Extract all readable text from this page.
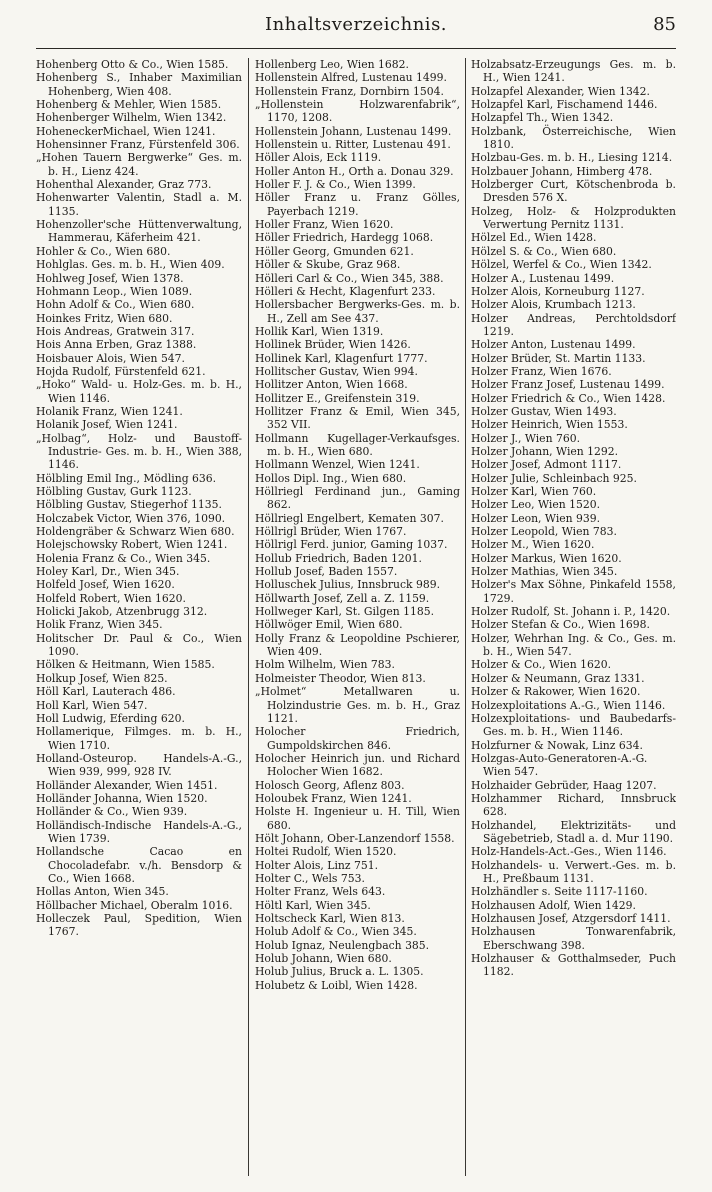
Inhaltsverzeichnis.	85

Hohenberg Otto & Co., Wien 1585.

Hohenberg S., Inhaber Maximilian Hohenberg, Wien 408.

Hohenberg & Mehler, Wien 1585.

Hohenberger Wilhelm, Wien 1342.

HoheneckerMichael, Wien 1241.

Hohensinner Franz, Fürstenfeld 306.

„Hohen Tauern Bergwerke“ Ges. m. b. H., Lienz 424.

Hohenthal Alexander, Graz 773.

Hohenwarter Valentin, Stadl a. M. 1135.

Hohenzoller'sche Hüttenverwaltung, Hammerau, Käferheim 421.

Hohler & Co., Wien 680.

Hohlglas. Ges. m. b. H., Wien 409.

Hohlweg Josef, Wien 1378.

Hohmann Leop., Wien 1089.

Hohn Adolf & Co., Wien 680.

Hoinkes Fritz, Wien 680.

Hois Andreas, Gratwein 317.

Hois Anna Erben, Graz 1388.

Hoisbauer Alois, Wien 547.

Hojda Rudolf, Fürstenfeld 621.

„Hoko“ Wald- u. Holz-Ges. m. b. H., Wien 1146.

Holanik Franz, Wien 1241.

Holanik Josef, Wien 1241.

„Holbag“, Holz- und Baustoff-Industrie- Ges. m. b. H., Wien 388, 1146.

Hölbling Emil Ing., Mödling 636.

Hölbling Gustav, Gurk 1123.

Hölbling Gustav, Stiegerhof 1135.

Holczabek Victor, Wien 376, 1090.

Holdengräber & Schwarz Wien 680.

Holejschowsky Robert, Wien 1241.

Holenia Franz & Co., Wien 345.

Holey Karl, Dr., Wien 345.

Holfeld Josef, Wien 1620.

Holfeld Robert, Wien 1620.

Holicki Jakob, Atzenbrugg 312.

Holik Franz, Wien 345.

Holitscher Dr. Paul & Co., Wien 1090.

Hölken & Heitmann, Wien 1585.

Holkup Josef, Wien 825.

Höll Karl, Lauterach 486.

Holl Karl, Wien 547.

Holl Ludwig, Eferding 620.

Hollamerique, Filmges. m. b. H., Wien 1710.

Holland-Osteurop. Handels-A.-G., Wien 939, 999, 928 IV.

Holländer Alexander, Wien 1451.

Holländer Johanna, Wien 1520.

Holländer & Co., Wien 939.

Holländisch-Indische Handels-A.-G., Wien 1739.

Hollandsche Cacao en Chocoladefabr. v./h. Bensdorp & Co., Wien 1668.

Hollas Anton, Wien 345.

Höllbacher Michael, Oberalm 1016.

Holleczek Paul, Spedition, Wien 1767.

Hollenberg Leo, Wien 1682.

Hollenstein Alfred, Lustenau 1499.

Hollenstein Franz, Dornbirn 1504.

„Hollenstein Holzwarenfabrik“, 1170, 1208.

Hollenstein Johann, Lustenau 1499.

Hollenstein u. Ritter, Lustenau 491.

Höller Alois, Eck 1119.

Holler Anton H., Orth a. Donau 329.

Holler F. J. & Co., Wien 1399.

Höller Franz u. Franz Gölles, Payerbach 1219.

Holler Franz, Wien 1620.

Höller Friedrich, Hardegg 1068.

Höller Georg, Gmunden 621.

Höller & Skube, Graz 968.

Hölleri Carl & Co., Wien 345, 388.

Hölleri & Hecht, Klagenfurt 233.

Hollersbacher Bergwerks-Ges. m. b. H., Zell am See 437.

Hollik Karl, Wien 1319.

Hollinek Brüder, Wien 1426.

Hollinek Karl, Klagenfurt 1777.

Hollitscher Gustav, Wien 994.

Hollitzer Anton, Wien 1668.

Hollitzer E., Greifenstein 319.

Hollitzer Franz & Emil, Wien 345, 352 VII.

Hollmann Kugellager-Verkaufsges. m. b. H., Wien 680.

Hollmann Wenzel, Wien 1241.

Hollos Dipl. Ing., Wien 680.

Höllriegl Ferdinand jun., Gaming 862.

Höllriegl Engelbert, Kematen 307.

Höllrigl Brüder, Wien 1767.

Höllrigl Ferd. junior, Gaming 1037.

Hollub Friedrich, Baden 1201.

Hollub Josef, Baden 1557.

Holluschek Julius, Innsbruck 989.

Höllwarth Josef, Zell a. Z. 1159.

Hollweger Karl, St. Gilgen 1185.

Höllwöger Emil, Wien 680.

Holly Franz & Leopoldine Pschierer, Wien 409.

Holm Wilhelm, Wien 783.

Holmeister Theodor, Wien 813.

„Holmet“ Metallwaren u. Holzindustrie Ges. m. b. H., Graz 1121.

Holocher Friedrich, Gumpoldskirchen 846.

Holocher Heinrich jun. und Richard Holocher Wien 1682.

Holosch Georg, Aflenz 803.

Holoubek Franz, Wien 1241.

Holste H. Ingenieur u. H. Till, Wien 680.

Hölt Johann, Ober-Lanzendorf 1558.

Holtei Rudolf, Wien 1520.

Holter Alois, Linz 751.

Holter C., Wels 753.

Holter Franz, Wels 643.

Höltl Karl, Wien 345.

Holtscheck Karl, Wien 813.

Holub Adolf & Co., Wien 345.

Holub Ignaz, Neulengbach 385.

Holub Johann, Wien 680.

Holub Julius, Bruck a. L. 1305.

Holubetz & Loibl, Wien 1428.

Holzabsatz-Erzeugungs Ges. m. b. H., Wien 1241.

Holzapfel Alexander, Wien 1342.

Holzapfel Karl, Fischamend 1446.

Holzapfel Th., Wien 1342.

Holzbank, Österreichische, Wien 1810.

Holzbau-Ges. m. b. H., Liesing 1214.

Holzbauer Johann, Himberg 478.

Holzberger Curt, Kötschenbroda b. Dresden 576 X.

Holzeg, Holz- & Holzprodukten Verwertung Pernitz 1131.

Hölzel Ed., Wien 1428.

Hölzel S. & Co., Wien 680.

Hölzel, Werfel & Co., Wien 1342.

Holzer A., Lustenau 1499.

Holzer Alois, Korneuburg 1127.

Holzer Alois, Krumbach 1213.

Holzer Andreas, Perchtoldsdorf 1219.

Holzer Anton, Lustenau 1499.

Holzer Brüder, St. Martin 1133.

Holzer Franz, Wien 1676.

Holzer Franz Josef, Lustenau 1499.

Holzer Friedrich & Co., Wien 1428.

Holzer Gustav, Wien 1493.

Holzer Heinrich, Wien 1553.

Holzer J., Wien 760.

Holzer Johann, Wien 1292.

Holzer Josef, Admont 1117.

Holzer Julie, Schleinbach 925.

Holzer Karl, Wien 760.

Holzer Leo, Wien 1520.

Holzer Leon, Wien 939.

Holzer Leopold, Wien 783.

Holzer M., Wien 1620.

Holzer Markus, Wien 1620.

Holzer Mathias, Wien 345.

Holzer's Max Söhne, Pinkafeld 1558, 1729.

Holzer Rudolf, St. Johann i. P., 1420.

Holzer Stefan & Co., Wien 1698.

Holzer, Wehrhan Ing. & Co., Ges. m. b. H., Wien 547.

Holzer & Co., Wien 1620.

Holzer & Neumann, Graz 1331.

Holzer & Rakower, Wien 1620.

Holzexploitations A.-G., Wien 1146.

Holzexploitations- und Baubedarfs-Ges. m. b. H., Wien 1146.

Holzfurner & Nowak, Linz 634.

Holzgas-Auto-Generatoren-A.-G. Wien 547.

Holzhaider Gebrüder, Haag 1207.

Holzhammer Richard, Innsbruck 628.

Holzhandel, Elektrizitäts- und Sägebetrieb, Stadl a. d. Mur 1190.

Holz-Handels-Act.-Ges., Wien 1146.

Holzhandels- u. Verwert.-Ges. m. b. H., Preßbaum 1131.

Holzhändler s. Seite 1117-1160.

Holzhausen Adolf, Wien 1429.

Holzhausen Josef, Atzgersdorf 1411.

Holzhausen Tonwarenfabrik, Eberschwang 398.

Holzhauser & Gotthalmseder, Puch 1182.
